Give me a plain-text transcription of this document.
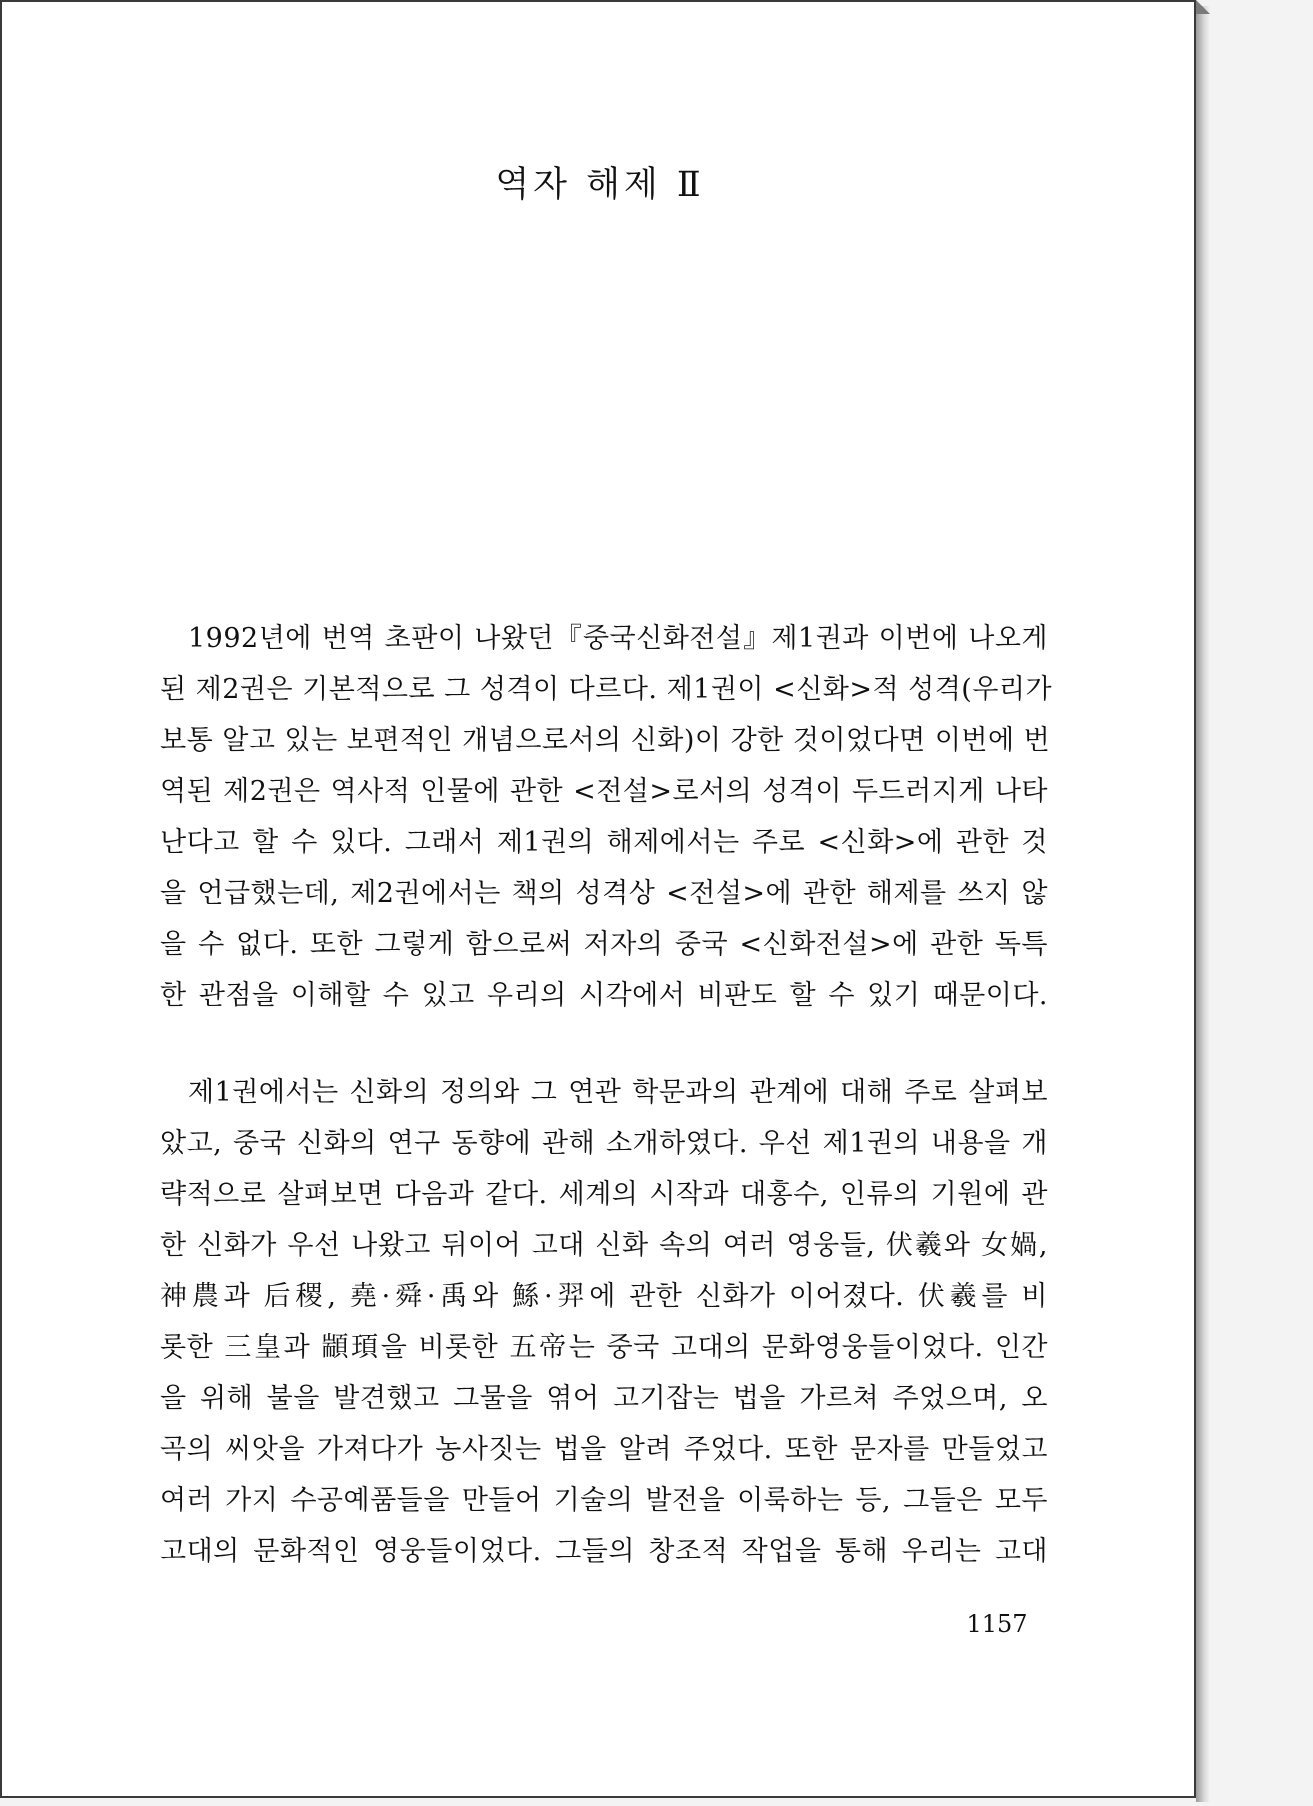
역자 해제 Ⅱ
1992년에 번역 초판이 나왔던『중국신화전설』제1권과 이번에 나오게
된 제2권은 기본적으로 그 성격이 다르다. 제1권이 <신화>적 성격(우리가
보통 알고 있는 보편적인 개념으로서의 신화)이 강한 것이었다면 이번에 번
역된 제2권은 역사적 인물에 관한 <전설>로서의 성격이 두드러지게 나타
난다고 할 수 있다. 그래서 제1권의 해제에서는 주로 <신화>에 관한 것
을 언급했는데, 제2권에서는 책의 성격상 <전설>에 관한 해제를 쓰지 않
을 수 없다. 또한 그렇게 함으로써 저자의 중국 <신화전설>에 관한 독특
한 관점을 이해할 수 있고 우리의 시각에서 비판도 할 수 있기 때문이다.
제1권에서는 신화의 정의와 그 연관 학문과의 관계에 대해 주로 살펴보
았고, 중국 신화의 연구 동향에 관해 소개하였다. 우선 제1권의 내용을 개
략적으로 살펴보면 다음과 같다. 세계의 시작과 대홍수, 인류의 기원에 관
한 신화가 우선 나왔고 뒤이어 고대 신화 속의 여러 영웅들, 伏羲와 女媧,
神農과 后稷, 堯·舜·禹와 鯀·羿에 관한 신화가 이어졌다. 伏羲를 비
롯한 三皇과 顓頊을 비롯한 五帝는 중국 고대의 문화영웅들이었다. 인간
을 위해 불을 발견했고 그물을 엮어 고기잡는 법을 가르쳐 주었으며, 오
곡의 씨앗을 가져다가 농사짓는 법을 알려 주었다. 또한 문자를 만들었고
여러 가지 수공예품들을 만들어 기술의 발전을 이룩하는 등, 그들은 모두
고대의 문화적인 영웅들이었다. 그들의 창조적 작업을 통해 우리는 고대

1157
